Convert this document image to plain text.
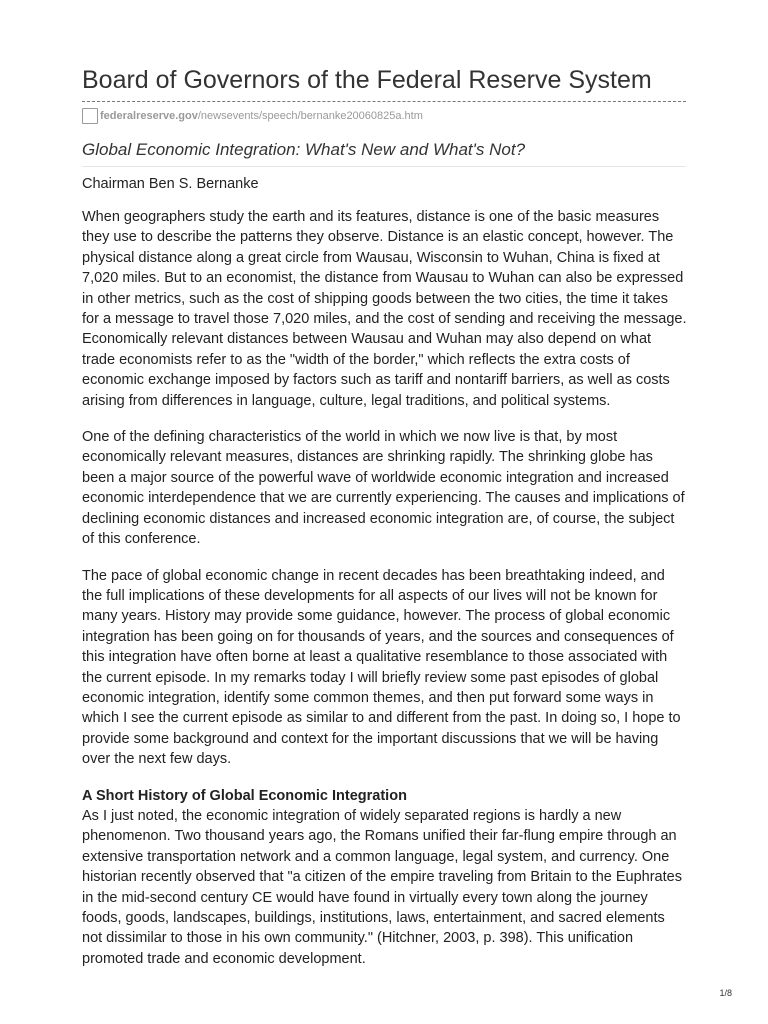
Board of Governors of the Federal Reserve System
federalreserve.gov /newsevents/speech/bernanke20060825a.htm
Global Economic Integration: What's New and What's Not?
Chairman Ben S. Bernanke

When geographers study the earth and its features, distance is one of the basic measures they use to describe the patterns they observe. Distance is an elastic concept, however. The physical distance along a great circle from Wausau, Wisconsin to Wuhan, China is fixed at 7,020 miles. But to an economist, the distance from Wausau to Wuhan can also be expressed in other metrics, such as the cost of shipping goods between the two cities, the time it takes for a message to travel those 7,020 miles, and the cost of sending and receiving the message. Economically relevant distances between Wausau and Wuhan may also depend on what trade economists refer to as the "width of the border," which reflects the extra costs of economic exchange imposed by factors such as tariff and nontariff barriers, as well as costs arising from differences in language, culture, legal traditions, and political systems.

One of the defining characteristics of the world in which we now live is that, by most economically relevant measures, distances are shrinking rapidly. The shrinking globe has been a major source of the powerful wave of worldwide economic integration and increased economic interdependence that we are currently experiencing. The causes and implications of declining economic distances and increased economic integration are, of course, the subject of this conference.

The pace of global economic change in recent decades has been breathtaking indeed, and the full implications of these developments for all aspects of our lives will not be known for many years. History may provide some guidance, however. The process of global economic integration has been going on for thousands of years, and the sources and consequences of this integration have often borne at least a qualitative resemblance to those associated with the current episode. In my remarks today I will briefly review some past episodes of global economic integration, identify some common themes, and then put forward some ways in which I see the current episode as similar to and different from the past. In doing so, I hope to provide some background and context for the important discussions that we will be having over the next few days.

A Short History of Global Economic Integration

As I just noted, the economic integration of widely separated regions is hardly a new phenomenon. Two thousand years ago, the Romans unified their far-flung empire through an extensive transportation network and a common language, legal system, and currency. One historian recently observed that "a citizen of the empire traveling from Britain to the Euphrates in the mid-second century CE would have found in virtually every town along the journey foods, goods, landscapes, buildings, institutions, laws, entertainment, and sacred elements not dissimilar to those in his own community." (Hitchner, 2003, p. 398). This unification promoted trade and economic development.

1/8
